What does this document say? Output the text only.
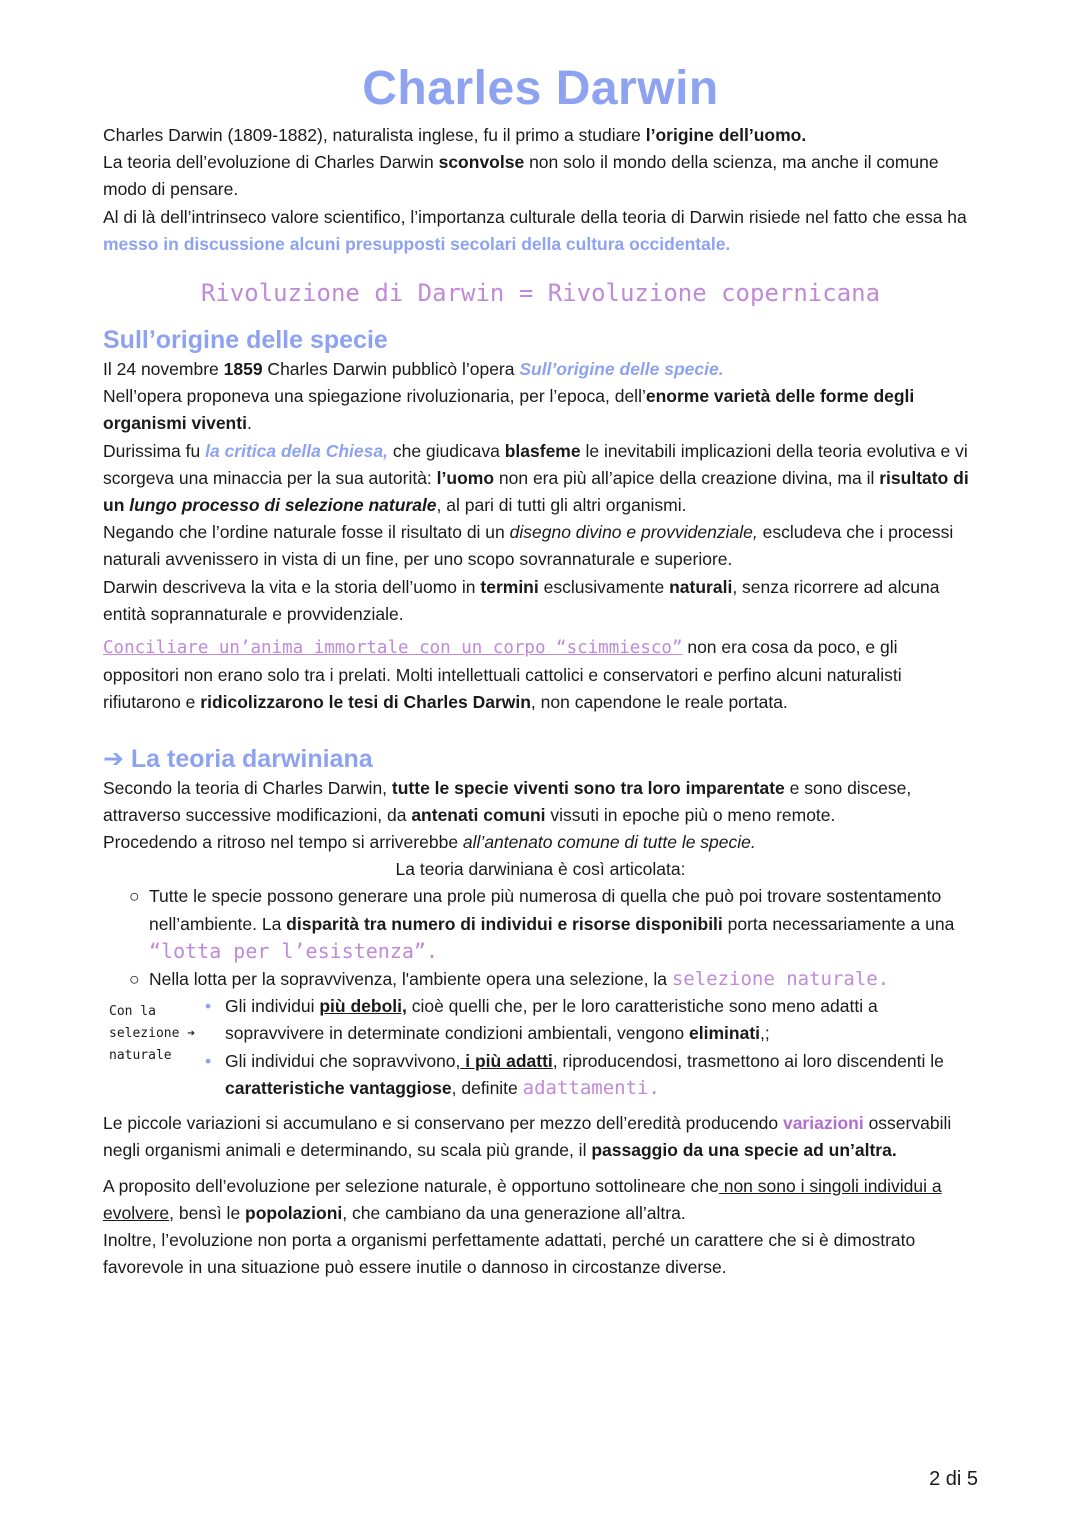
Charles Darwin

Charles Darwin (1809-1882), naturalista inglese, fu il primo a studiare l’origine dell’uomo.

La teoria dell’evoluzione di Charles Darwin sconvolse non solo il mondo della scienza, ma anche il comune modo di pensare.

Al di là dell’intrinseco valore scientifico, l’importanza culturale della teoria di Darwin risiede nel fatto che essa ha messo in discussione alcuni presupposti secolari della cultura occidentale.

Rivoluzione di Darwin = Rivoluzione copernicana
Sull’origine delle specie

Il 24 novembre 1859 Charles Darwin pubblicò l’opera Sull’origine delle specie.

Nell’opera proponeva una spiegazione rivoluzionaria, per l’epoca, dell’enorme varietà delle forme degli organismi viventi.

Durissima fu la critica della Chiesa, che giudicava blasfeme le inevitabili implicazioni della teoria evolutiva e vi scorgeva una minaccia per la sua autorità: l’uomo non era più all’apice della creazione divina, ma il risultato di un lungo processo di selezione naturale, al pari di tutti gli altri organismi.

Negando che l’ordine naturale fosse il risultato di un disegno divino e provvidenziale, escludeva che i processi naturali avvenissero in vista di un fine, per uno scopo sovrannaturale e superiore.

Darwin descriveva la vita e la storia dell’uomo in termini esclusivamente naturali, senza ricorrere ad alcuna entità soprannaturale e provvidenziale.

Conciliare un’anima immortale con un corpo “scimmiesco” non era cosa da poco, e gli oppositori non erano solo tra i prelati. Molti intellettuali cattolici e conservatori e perfino alcuni naturalisti rifiutarono e ridicolizzarono le tesi di Charles Darwin, non capendone le reale portata.

➔ La teoria darwiniana

Secondo la teoria di Charles Darwin, tutte le specie viventi sono tra loro imparentate e sono discese, attraverso successive modificazioni, da antenati comuni vissuti in epoche più o meno remote.

Procedendo a ritroso nel tempo si arriverebbe all’antenato comune di tutte le specie.

La teoria darwiniana è così articolata:

○ Tutte le specie possono generare una prole più numerosa di quella che può poi trovare sostentamento nell’ambiente. La disparità tra numero di individui e risorse disponibili porta necessariamente a una “lotta per l’esistenza”.
○ Nella lotta per la sopravvivenza, l'ambiente opera una selezione, la selezione naturale.
Con la selezione ➔ naturale
• Gli individui più deboli, cioè quelli che, per le loro caratteristiche sono meno adatti a sopravvivere in determinate condizioni ambientali, vengono eliminati,;
• Gli individui che sopravvivono, i più adatti, riproducendosi, trasmettono ai loro discendenti le caratteristiche vantaggiose, definite adattamenti.

Le piccole variazioni si accumulano e si conservano per mezzo dell’eredità producendo variazioni osservabili negli organismi animali e determinando, su scala più grande, il passaggio da una specie ad un’altra.

A proposito dell’evoluzione per selezione naturale, è opportuno sottolineare che non sono i singoli individui a evolvere, bensì le popolazioni, che cambiano da una generazione all’altra.

Inoltre, l’evoluzione non porta a organismi perfettamente adattati, perché un carattere che si è dimostrato favorevole in una situazione può essere inutile o dannoso in circostanze diverse.

2 di 5
